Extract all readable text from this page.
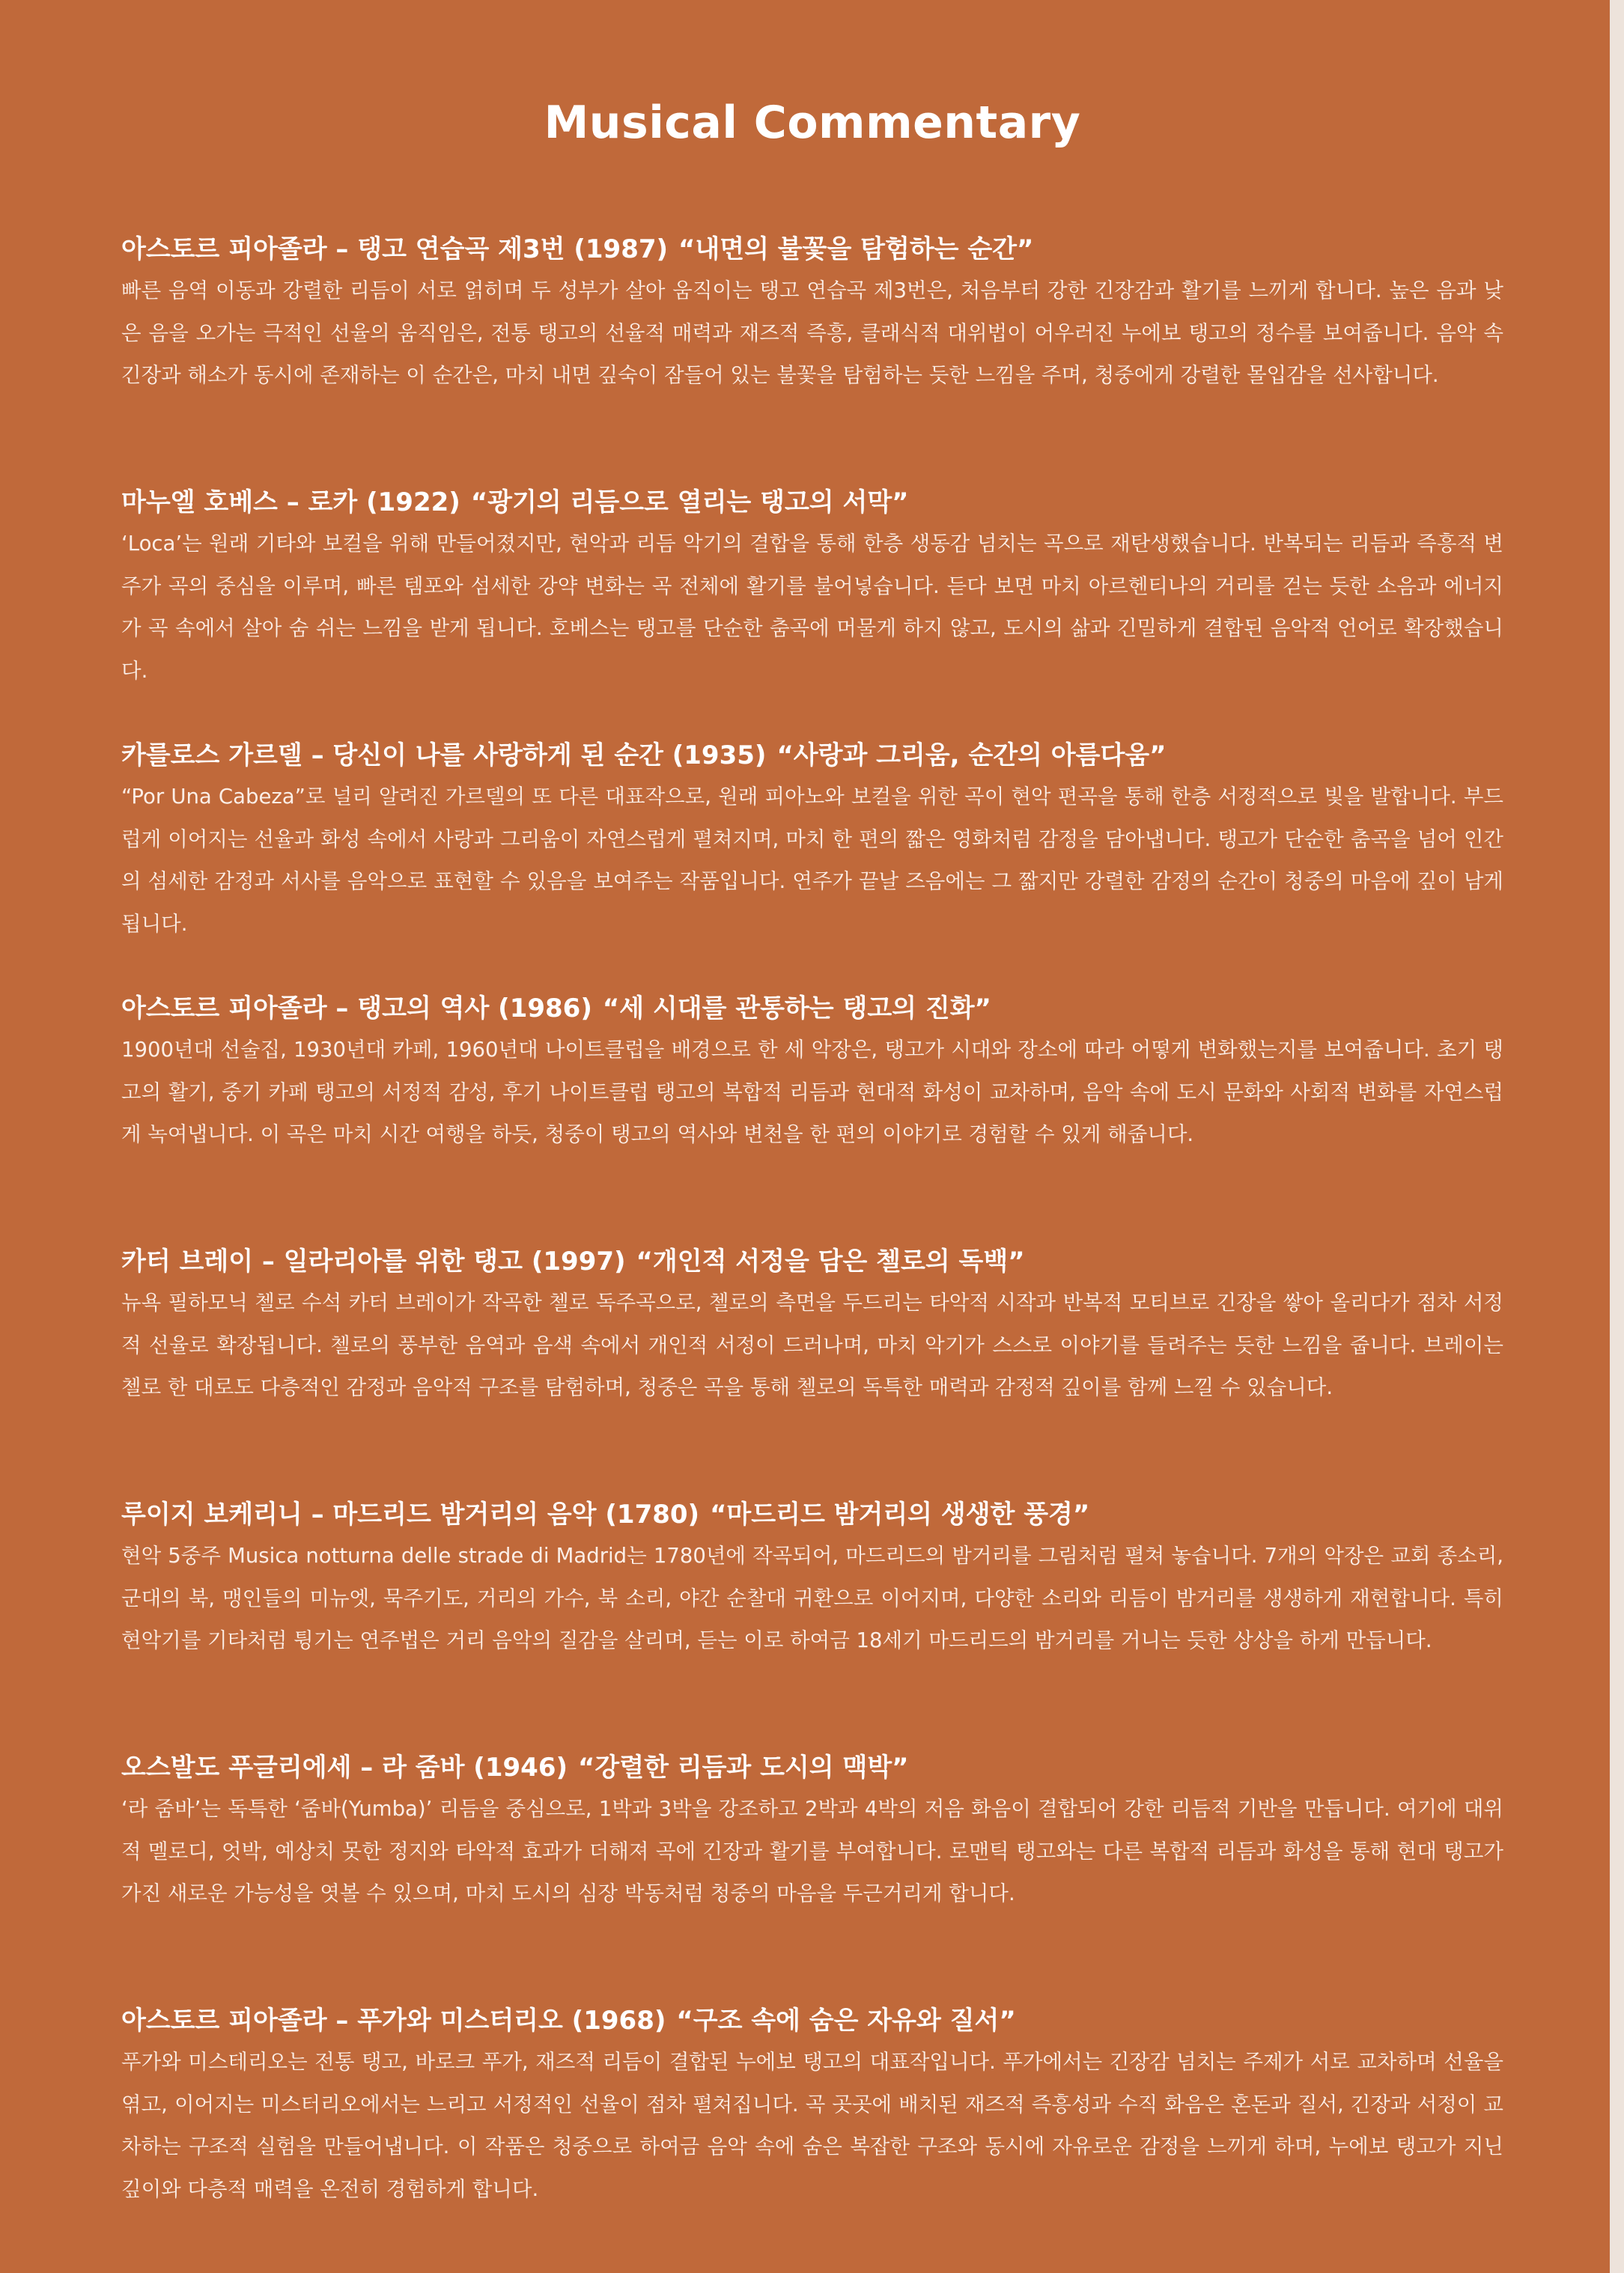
Musical Commentary
아스토르 피아졸라 – 탱고 연습곡 제3번 (1987) “내면의 불꽃을 탐험하는 순간”

빠른 음역 이동과 강렬한 리듬이 서로 얽히며 두 성부가 살아 움직이는 탱고 연습곡 제3번은, 처음부터 강한 긴장감과 활기를 느끼게 합니다. 높은 음과 낮은 음을 오가는 극적인 선율의 움직임은, 전통 탱고의 선율적 매력과 재즈적 즉흥, 클래식적 대위법이 어우러진 누에보 탱고의 정수를 보여줍니다. 음악 속 긴장과 해소가 동시에 존재하는 이 순간은, 마치 내면 깊숙이 잠들어 있는 불꽃을 탐험하는 듯한 느낌을 주며, 청중에게 강렬한 몰입감을 선사합니다.

마누엘 호베스 – 로카 (1922) “광기의 리듬으로 열리는 탱고의 서막”

‘Loca’는 원래 기타와 보컬을 위해 만들어졌지만, 현악과 리듬 악기의 결합을 통해 한층 생동감 넘치는 곡으로 재탄생했습니다. 반복되는 리듬과 즉흥적 변주가 곡의 중심을 이루며, 빠른 템포와 섬세한 강약 변화는 곡 전체에 활기를 불어넣습니다. 듣다 보면 마치 아르헨티나의 거리를 걷는 듯한 소음과 에너지가 곡 속에서 살아 숨 쉬는 느낌을 받게 됩니다. 호베스는 탱고를 단순한 춤곡에 머물게 하지 않고, 도시의 삶과 긴밀하게 결합된 음악적 언어로 확장했습니다.

카를로스 가르델 – 당신이 나를 사랑하게 된 순간 (1935) “사랑과 그리움, 순간의 아름다움”

“Por Una Cabeza”로 널리 알려진 가르델의 또 다른 대표작으로, 원래 피아노와 보컬을 위한 곡이 현악 편곡을 통해 한층 서정적으로 빛을 발합니다. 부드럽게 이어지는 선율과 화성 속에서 사랑과 그리움이 자연스럽게 펼쳐지며, 마치 한 편의 짧은 영화처럼 감정을 담아냅니다. 탱고가 단순한 춤곡을 넘어 인간의 섬세한 감정과 서사를 음악으로 표현할 수 있음을 보여주는 작품입니다. 연주가 끝날 즈음에는 그 짧지만 강렬한 감정의 순간이 청중의 마음에 깊이 남게 됩니다.

아스토르 피아졸라 – 탱고의 역사 (1986) “세 시대를 관통하는 탱고의 진화”

1900년대 선술집, 1930년대 카페, 1960년대 나이트클럽을 배경으로 한 세 악장은, 탱고가 시대와 장소에 따라 어떻게 변화했는지를 보여줍니다. 초기 탱고의 활기, 중기 카페 탱고의 서정적 감성, 후기 나이트클럽 탱고의 복합적 리듬과 현대적 화성이 교차하며, 음악 속에 도시 문화와 사회적 변화를 자연스럽게 녹여냅니다. 이 곡은 마치 시간 여행을 하듯, 청중이 탱고의 역사와 변천을 한 편의 이야기로 경험할 수 있게 해줍니다.

카터 브레이 – 일라리아를 위한 탱고 (1997) “개인적 서정을 담은 첼로의 독백”

뉴욕 필하모닉 첼로 수석 카터 브레이가 작곡한 첼로 독주곡으로, 첼로의 측면을 두드리는 타악적 시작과 반복적 모티브로 긴장을 쌓아 올리다가 점차 서정적 선율로 확장됩니다. 첼로의 풍부한 음역과 음색 속에서 개인적 서정이 드러나며, 마치 악기가 스스로 이야기를 들려주는 듯한 느낌을 줍니다. 브레이는 첼로 한 대로도 다층적인 감정과 음악적 구조를 탐험하며, 청중은 곡을 통해 첼로의 독특한 매력과 감정적 깊이를 함께 느낄 수 있습니다.

루이지 보케리니 – 마드리드 밤거리의 음악 (1780) “마드리드 밤거리의 생생한 풍경”

현악 5중주 Musica notturna delle strade di Madrid는 1780년에 작곡되어, 마드리드의 밤거리를 그림처럼 펼쳐 놓습니다. 7개의 악장은 교회 종소리, 군대의 북, 맹인들의 미뉴엣, 묵주기도, 거리의 가수, 북 소리, 야간 순찰대 귀환으로 이어지며, 다양한 소리와 리듬이 밤거리를 생생하게 재현합니다. 특히 현악기를 기타처럼 튕기는 연주법은 거리 음악의 질감을 살리며, 듣는 이로 하여금 18세기 마드리드의 밤거리를 거니는 듯한 상상을 하게 만듭니다.

오스발도 푸글리에세 – 라 줌바 (1946) “강렬한 리듬과 도시의 맥박”

‘라 줌바’는 독특한 ‘줌바(Yumba)’ 리듬을 중심으로, 1박과 3박을 강조하고 2박과 4박의 저음 화음이 결합되어 강한 리듬적 기반을 만듭니다. 여기에 대위적 멜로디, 엇박, 예상치 못한 정지와 타악적 효과가 더해져 곡에 긴장과 활기를 부여합니다. 로맨틱 탱고와는 다른 복합적 리듬과 화성을 통해 현대 탱고가 가진 새로운 가능성을 엿볼 수 있으며, 마치 도시의 심장 박동처럼 청중의 마음을 두근거리게 합니다.

아스토르 피아졸라 – 푸가와 미스터리오 (1968) “구조 속에 숨은 자유와 질서”

푸가와 미스테리오는 전통 탱고, 바로크 푸가, 재즈적 리듬이 결합된 누에보 탱고의 대표작입니다. 푸가에서는 긴장감 넘치는 주제가 서로 교차하며 선율을 엮고, 이어지는 미스터리오에서는 느리고 서정적인 선율이 점차 펼쳐집니다. 곡 곳곳에 배치된 재즈적 즉흥성과 수직 화음은 혼돈과 질서, 긴장과 서정이 교차하는 구조적 실험을 만들어냅니다. 이 작품은 청중으로 하여금 음악 속에 숨은 복잡한 구조와 동시에 자유로운 감정을 느끼게 하며, 누에보 탱고가 지닌 깊이와 다층적 매력을 온전히 경험하게 합니다.
